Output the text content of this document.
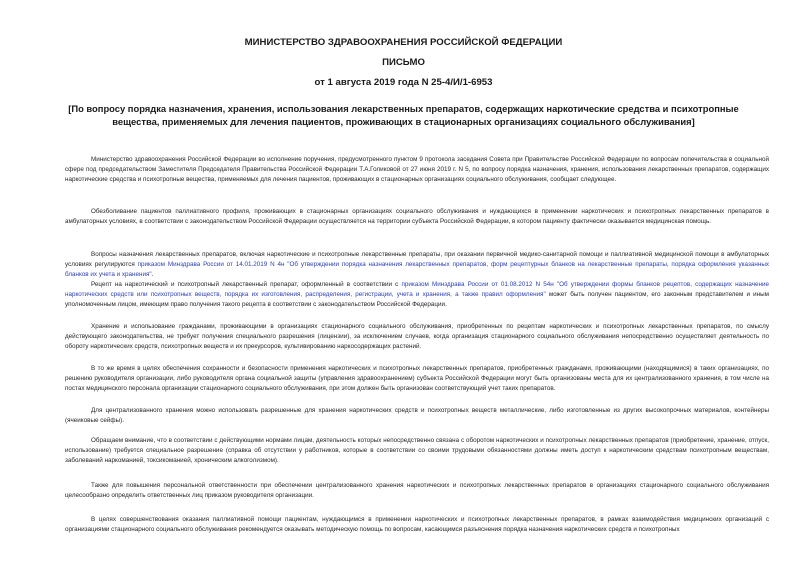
МИНИСТЕРСТВО ЗДРАВООХРАНЕНИЯ РОССИЙСКОЙ ФЕДЕРАЦИИ

ПИСЬМО

от 1 августа 2019 года N 25-4/И/1-6953

[По вопросу порядка назначения, хранения, использования лекарственных препаратов, содержащих наркотические средства и психотропные вещества, применяемых для лечения пациентов, проживающих в стационарных организациях социального обслуживания]

Министерство здравоохранения Российской Федерации во исполнение поручения, предусмотренного пунктом 9 протокола заседания Совета при Правительстве Российской Федерации по вопросам попечительства в социальной сфере под председательством Заместителя Председателя Правительства Российской Федерации Т.А.Голиковой от 27 июня 2019 г. N 5, по вопросу порядка назначения, хранения, использования лекарственных препаратов, содержащих наркотические средства и психотропные вещества, применяемых для лечения пациентов, проживающих в стационарных организациях социального обслуживания, сообщает следующее.

Обезболивание пациентов паллиативного профиля, проживающих в стационарных организациях социального обслуживания и нуждающихся в применении наркотических и психотропных лекарственных препаратов в амбулаторных условиях, в соответствии с законодательством Российской Федерации осуществляется на территории субъекта Российской Федерации, в котором пациенту фактически оказывается медицинская помощь.

Вопросы назначения лекарственных препаратов, включая наркотические и психотропные лекарственные препараты, при оказании первичной медико-санитарной помощи и паллиативной медицинской помощи в амбулаторных условиях регулируются приказом Минздрава России от 14.01.2019 N 4н "Об утверждении порядка назначения лекарственных препаратов, форм рецептурных бланков на лекарственные препараты, порядка оформления указанных бланков их учета и хранения".

Рецепт на наркотический и психотропный лекарственный препарат, оформленный в соответствии с приказом Минздрава России от 01.08.2012 N 54н "Об утверждении формы бланков рецептов, содержащих назначение наркотических средств или психотропных веществ, порядка их изготовления, распределения, регистрации, учета и хранения, а также правил оформления" может быть получен пациентом, его законным представителем и иным уполномоченным лицом, имеющим право получения такого рецепта в соответствии с законодательством Российской Федерации.

Хранение и использование гражданами, проживающими в организациях стационарного социального обслуживания, приобретенных по рецептам наркотических и психотропных лекарственных препаратов, по смыслу действующего законодательства, не требует получения специального разрешения (лицензии), за исключением случаев, когда организация стационарного социального обслуживания непосредственно осуществляет деятельность по обороту наркотических средств, психотропных веществ и их прекурсоров, культивированию наркосодержащих растений.

В то же время в целях обеспечения сохранности и безопасности применения наркотических и психотропных лекарственных препаратов, приобретенных гражданами, проживающими (находящимися) в таких организациях, по решению руководителя организации, либо руководителя органа социальной защиты (управления здравоохранением) субъекта Российской Федерации могут быть организованы места для их централизованного хранения, в том числе на постах медицинского персонала организации стационарного социального обслуживания, при этом должен быть организован соответствующий учет таких препаратов.

Для централизованного хранения можно использовать разрешенные для хранения наркотических средств и психотропных веществ металлические, либо изготовленные из других высокопрочных материалов, контейнеры (ячеиковые сейфы).

Обращаем внимание, что в соответствии с действующими нормами лицам, деятельность которых непосредственно связана с оборотом наркотических и психотропных лекарственных препаратов (приобретение, хранение, отпуск, использование) требуется специальное разрешение (справка об отсутствии у работников, которые в соответствии со своими трудовыми обязанностями должны иметь доступ к наркотическим средствам психотропным веществам, заболеваний наркоманией, токсикоманией, хроническим алкоголизмом).

Также для повышения персональной ответственности при обеспечении централизованного хранения наркотических и психотропных лекарственных препаратов в организациях стационарного социального обслуживания целесообразно определить ответственных лиц приказом руководителя организации.

В целях совершенствования оказания паллиативной помощи пациентам, нуждающимся в применении наркотических и психотропных лекарственных препаратов, в рамках взаимодействия медицинских организаций с организациями стационарного социального обслуживания рекомендуется оказывать методическую помощь по вопросам, касающимся разъяснения порядка назначения наркотических средств и психотропных
